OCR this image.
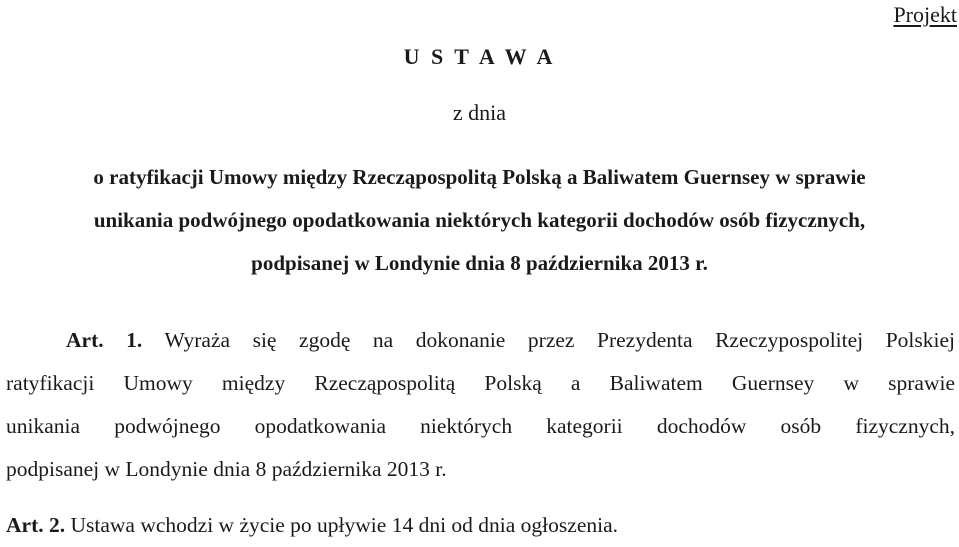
Projekt
U S T A W A
z dnia
o ratyfikacji Umowy między Rzecząpospolitą Polską a Baliwatem Guernsey w sprawie
unikania podwójnego opodatkowania niektórych kategorii dochodów osób fizycznych,
podpisanej w Londynie dnia 8 października 2013 r.
Art. 1. Wyraża się zgodę na dokonanie przez Prezydenta Rzeczypospolitej Polskiej
ratyfikacji Umowy między Rzecząpospolitą Polską a Baliwatem Guernsey w sprawie
unikania podwójnego opodatkowania niektórych kategorii dochodów osób fizycznych,
podpisanej w Londynie dnia 8 października 2013 r.
Art. 2. Ustawa wchodzi w życie po upływie 14 dni od dnia ogłoszenia.
